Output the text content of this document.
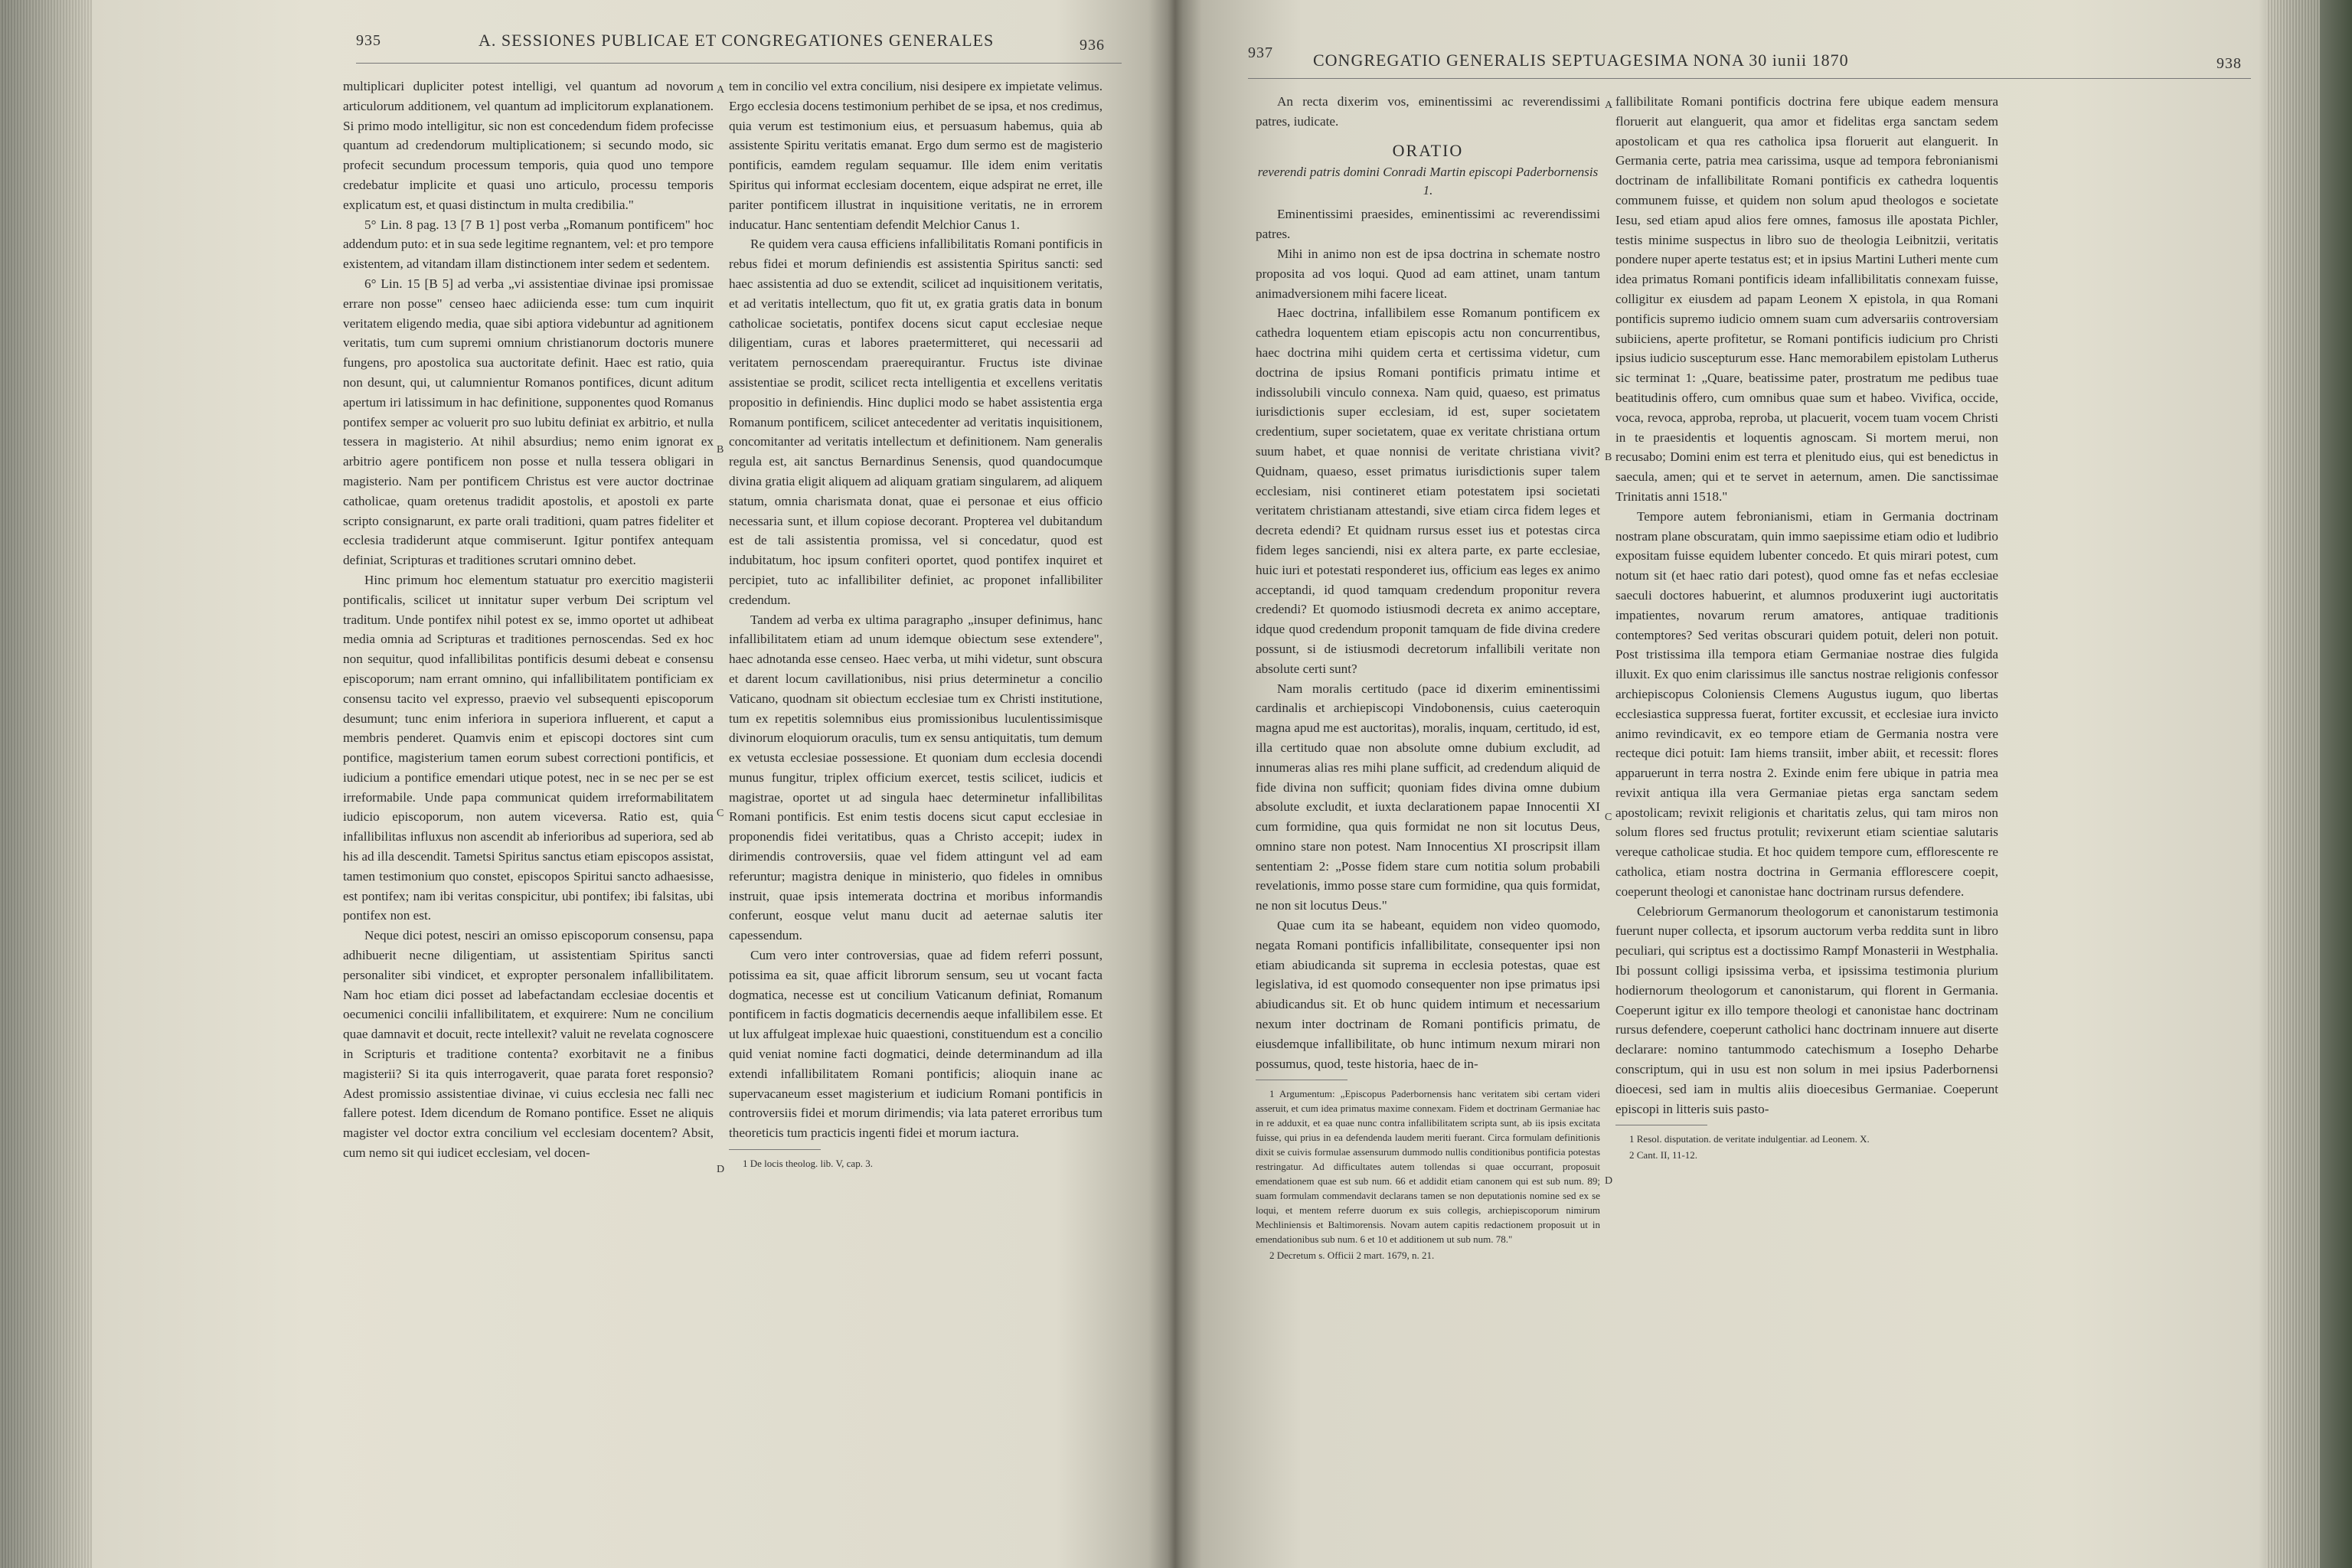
935	A. SESSIONES PUBLICAE ET CONGREGATIONES GENERALES	936

multiplicari dupliciter potest intelligi, vel quantum ad novorum articulorum additionem, vel quantum ad implicitorum explanationem. Si primo modo intelligitur, sic non est concedendum fidem profecisse quantum ad credendorum multiplicationem; si secundo modo, sic profecit secundum processum temporis, quia quod uno tempore credebatur implicite et quasi uno articulo, processu temporis explicatum est, et quasi distinctum in multa credibilia."

5° Lin. 8 pag. 13 [7 B 1] post verba „Romanum pontificem" hoc addendum puto: et in sua sede legitime regnantem, vel: et pro tempore existentem, ad vitandam illam distinctionem inter sedem et sedentem.

6° Lin. 15 [B 5] ad verba „vi assistentiae divinae ipsi promissae errare non posse" censeo haec adiicienda esse: tum cum inquirit veritatem eligendo media, quae sibi aptiora videbuntur ad agnitionem veritatis, tum cum supremi omnium christianorum doctoris munere fungens, pro apostolica sua auctoritate definit. Haec est ratio, quia non desunt, qui, ut calumnientur Romanos pontifices, dicunt aditum apertum iri latissimum in hac definitione, supponentes quod Romanus pontifex semper ac voluerit pro suo lubitu definiat ex arbitrio, et nulla tessera in magisterio. At nihil absurdius; nemo enim ignorat ex arbitrio agere pontificem non posse et nulla tessera obligari in magisterio. Nam per pontificem Christus est vere auctor doctrinae catholicae, quam oretenus tradidit apostolis, et apostoli ex parte scripto consignarunt, ex parte orali traditioni, quam patres fideliter et ecclesia tradiderunt atque commiserunt. Igitur pontifex antequam definiat, Scripturas et traditiones scrutari omnino debet.

Hinc primum hoc elementum statuatur pro exercitio magisterii pontificalis, scilicet ut innitatur super verbum Dei scriptum vel traditum. Unde pontifex nihil potest ex se, immo oportet ut adhibeat media omnia ad Scripturas et traditiones pernoscendas. Sed ex hoc non sequitur, quod infallibilitas pontificis desumi debeat e consensu episcoporum; nam errant omnino, qui infallibilitatem pontificiam ex consensu tacito vel expresso, praevio vel subsequenti episcoporum desumunt; tunc enim inferiora in superiora influerent, et caput a membris penderet. Quamvis enim et episcopi doctores sint cum pontifice, magisterium tamen eorum subest correctioni pontificis, et iudicium a pontifice emendari utique potest, nec in se nec per se est irreformabile. Unde papa communicat quidem irreformabilitatem iudicio episcoporum, non autem viceversa. Ratio est, quia infallibilitas influxus non ascendit ab inferioribus ad superiora, sed ab his ad illa descendit. Tametsi Spiritus sanctus etiam episcopos assistat, tamen testimonium quo constet, episcopos Spiritui sancto adhaesisse, est pontifex; nam ibi veritas conspicitur, ubi pontifex; ibi falsitas, ubi pontifex non est.

Neque dici potest, nesciri an omisso episcoporum consensu, papa adhibuerit necne diligentiam, ut assistentiam Spiritus sancti personaliter sibi vindicet, et expropter personalem infallibilitatem. Nam hoc etiam dici posset ad labefactandam ecclesiae docentis et oecumenici concilii infallibilitatem, et exquirere: Num ne concilium quae damnavit et docuit, recte intellexit? valuit ne revelata cognoscere in Scripturis et traditione contenta? exorbitavit ne a finibus magisterii? Si ita quis interrogaverit, quae parata foret responsio? Adest promissio assistentiae divinae, vi cuius ecclesia nec falli nec fallere potest. Idem dicendum de Romano pontifice. Esset ne aliquis magister vel doctor extra concilium vel ecclesiam docentem? Absit, cum nemo sit qui iudicet ecclesiam, vel docen-

tem in concilio vel extra concilium, nisi desipere ex impietate velimus. Ergo ecclesia docens testimonium perhibet de se ipsa, et nos credimus, quia verum est testimonium eius, et persuasum habemus, quia ab assistente Spiritu veritatis emanat. Ergo dum sermo est de magisterio pontificis, eamdem regulam sequamur. Ille idem enim veritatis Spiritus qui informat ecclesiam docentem, eique adspirat ne erret, ille pariter pontificem illustrat in inquisitione veritatis, ne in errorem inducatur. Hanc sententiam defendit Melchior Canus 1.

Re quidem vera causa efficiens infallibilitatis Romani pontificis in rebus fidei et morum definiendis est assistentia Spiritus sancti: sed haec assistentia ad duo se extendit, scilicet ad inquisitionem veritatis, et ad veritatis intellectum, quo fit ut, ex gratia gratis data in bonum catholicae societatis, pontifex docens sicut caput ecclesiae neque diligentiam, curas et labores praetermitteret, qui necessarii ad veritatem pernoscendam praerequirantur. Fructus iste divinae assistentiae se prodit, scilicet recta intelligentia et excellens veritatis propositio in definiendis. Hinc duplici modo se habet assistentia erga Romanum pontificem, scilicet antecedenter ad veritatis inquisitionem, concomitanter ad veritatis intellectum et definitionem. Nam generalis regula est, ait sanctus Bernardinus Senensis, quod quandocumque divina gratia eligit aliquem ad aliquam gratiam singularem, ad aliquem statum, omnia charismata donat, quae ei personae et eius officio necessaria sunt, et illum copiose decorant. Propterea vel dubitandum est de tali assistentia promissa, vel si concedatur, quod est indubitatum, hoc ipsum confiteri oportet, quod pontifex inquiret et percipiet, tuto ac infallibiliter definiet, ac proponet infallibiliter credendum.

Tandem ad verba ex ultima paragrapho „insuper definimus, hanc infallibilitatem etiam ad unum idemque obiectum sese extendere", haec adnotanda esse censeo. Haec verba, ut mihi videtur, sunt obscura et darent locum cavillationibus, nisi prius determinetur a concilio Vaticano, quodnam sit obiectum ecclesiae tum ex Christi institutione, tum ex repetitis solemnibus eius promissionibus luculentissimisque divinorum eloquiorum oraculis, tum ex sensu antiquitatis, tum demum ex vetusta ecclesiae possessione. Et quoniam dum ecclesia docendi munus fungitur, triplex officium exercet, testis scilicet, iudicis et magistrae, oportet ut ad singula haec determinetur infallibilitas Romani pontificis. Est enim testis docens sicut caput ecclesiae in proponendis fidei veritatibus, quas a Christo accepit; iudex in dirimendis controversiis, quae vel fidem attingunt vel ad eam referuntur; magistra denique in ministerio, quo fideles in omnibus instruit, quae ipsis intemerata doctrina et moribus informandis conferunt, eosque velut manu ducit ad aeternae salutis iter capessendum.

Cum vero inter controversias, quae ad fidem referri possunt, potissima ea sit, quae afficit librorum sensum, seu ut vocant facta dogmatica, necesse est ut concilium Vaticanum definiat, Romanum pontificem in factis dogmaticis decernendis aeque infallibilem esse. Et ut lux affulgeat implexae huic quaestioni, constituendum est a concilio quid veniat nomine facti dogmatici, deinde determinandum ad illa extendi infallibilitatem Romani pontificis; alioquin inane ac supervacaneum esset magisterium et iudicium Romani pontificis in controversiis fidei et morum dirimendis; via lata pateret erroribus tum theoreticis tum practicis ingenti fidei et morum iactura.

1 De locis theolog. lib. V, cap. 3.

A
B
C
D
937 CONGREGATIO GENERALIS SEPTUAGESIMA NONA 30 iunii 1870	938

An recta dixerim vos, eminentissimi ac reverendissimi patres, iudicate.

ORATIO
reverendi patris domini Conradi Martin episcopi Paderbornensis 1.

Eminentissimi praesides, eminentissimi ac reverendissimi patres.

Mihi in animo non est de ipsa doctrina in schemate nostro proposita ad vos loqui. Quod ad eam attinet, unam tantum animadversionem mihi facere liceat.

Haec doctrina, infallibilem esse Romanum pontificem ex cathedra loquentem etiam episcopis actu non concurrentibus, haec doctrina mihi quidem certa et certissima videtur, cum doctrina de ipsius Romani pontificis primatu intime et indissolubili vinculo connexa. Nam quid, quaeso, est primatus iurisdictionis super ecclesiam, id est, super societatem credentium, super societatem, quae ex veritate christiana ortum suum habet, et quae nonnisi de veritate christiana vivit? Quidnam, quaeso, esset primatus iurisdictionis super talem ecclesiam, nisi contineret etiam potestatem ipsi societati veritatem christianam attestandi, sive etiam circa fidem leges et decreta edendi? Et quidnam rursus esset ius et potestas circa fidem leges sanciendi, nisi ex altera parte, ex parte ecclesiae, huic iuri et potestati responderet ius, officium eas leges ex animo acceptandi, id quod tamquam credendum proponitur revera credendi? Et quomodo istiusmodi decreta ex animo acceptare, idque quod credendum proponit tamquam de fide divina credere possunt, si de istiusmodi decretorum infallibili veritate non absolute certi sunt?

Nam moralis certitudo (pace id dixerim eminentissimi cardinalis et archiepiscopi Vindobonensis, cuius caeteroquin magna apud me est auctoritas), moralis, inquam, certitudo, id est, illa certitudo quae non absolute omne dubium excludit, ad innumeras alias res mihi plane sufficit, ad credendum aliquid de fide divina non sufficit; quoniam fides divina omne dubium absolute excludit, et iuxta declarationem papae Innocentii XI cum formidine, qua quis formidat ne non sit locutus Deus, omnino stare non potest. Nam Innocentius XI proscripsit illam sententiam 2: „Posse fidem stare cum notitia solum probabili revelationis, immo posse stare cum formidine, qua quis formidat, ne non sit locutus Deus."

Quae cum ita se habeant, equidem non video quomodo, negata Romani pontificis infallibilitate, consequenter ipsi non etiam abiudicanda sit suprema in ecclesia potestas, quae est legislativa, id est quomodo consequenter non ipse primatus ipsi abiudicandus sit. Et ob hunc quidem intimum et necessarium nexum inter doctrinam de Romani pontificis primatu, de eiusdemque infallibilitate, ob hunc intimum nexum mirari non possumus, quod, teste historia, haec de in-

1 Argumentum: „Episcopus Paderbornensis hanc veritatem sibi certam videri asseruit, et cum idea primatus maxime connexam. Fidem et doctrinam Germaniae hac in re adduxit, et ea quae nunc contra infallibilitatem scripta sunt, ab iis ipsis excitata fuisse, qui prius in ea defendenda laudem meriti fuerant. Circa formulam definitionis dixit se cuivis formulae assensurum dummodo nullis conditionibus pontificia potestas restringatur. Ad difficultates autem tollendas si quae occurrant, proposuit emendationem quae est sub num. 66 et addidit etiam canonem qui est sub num. 89; suam formulam commendavit declarans tamen se non deputationis nomine sed ex se loqui, et mentem referre duorum ex suis collegis, archiepiscoporum nimirum Mechliniensis et Baltimorensis. Novam autem capitis redactionem proposuit ut in emendationibus sub num. 6 et 10 et additionem ut sub num. 78."

2 Decretum s. Officii 2 mart. 1679, n. 21.

fallibilitate Romani pontificis doctrina fere ubique eadem mensura floruerit aut elanguerit, qua amor et fidelitas erga sanctam sedem apostolicam et qua res catholica ipsa floruerit aut elanguerit. In Germania certe, patria mea carissima, usque ad tempora febronianismi doctrinam de infallibilitate Romani pontificis ex cathedra loquentis communem fuisse, et quidem non solum apud theologos e societate Iesu, sed etiam apud alios fere omnes, famosus ille apostata Pichler, testis minime suspectus in libro suo de theologia Leibnitzii, veritatis pondere nuper aperte testatus est; et in ipsius Martini Lutheri mente cum idea primatus Romani pontificis ideam infallibilitatis connexam fuisse, colligitur ex eiusdem ad papam Leonem X epistola, in qua Romani pontificis supremo iudicio omnem suam cum adversariis controversiam subiiciens, aperte profitetur, se Romani pontificis iudicium pro Christi ipsius iudicio suscepturum esse. Hanc memorabilem epistolam Lutherus sic terminat 1: „Quare, beatissime pater, prostratum me pedibus tuae beatitudinis offero, cum omnibus quae sum et habeo. Vivifica, occide, voca, revoca, approba, reproba, ut placuerit, vocem tuam vocem Christi in te praesidentis et loquentis agnoscam. Si mortem merui, non recusabo; Domini enim est terra et plenitudo eius, qui est benedictus in saecula, amen; qui et te servet in aeternum, amen. Die sanctissimae Trinitatis anni 1518."

Tempore autem febronianismi, etiam in Germania doctrinam nostram plane obscuratam, quin immo saepissime etiam odio et ludibrio expositam fuisse equidem lubenter concedo. Et quis mirari potest, cum notum sit (et haec ratio dari potest), quod omne fas et nefas ecclesiae saeculi doctores habuerint, et alumnos produxerint iugi auctoritatis impatientes, novarum rerum amatores, antiquae traditionis contemptores? Sed veritas obscurari quidem potuit, deleri non potuit. Post tristissima illa tempora etiam Germaniae nostrae dies fulgida illuxit. Ex quo enim clarissimus ille sanctus nostrae religionis confessor archiepiscopus Coloniensis Clemens Augustus iugum, quo libertas ecclesiastica suppressa fuerat, fortiter excussit, et ecclesiae iura invicto animo revindicavit, ex eo tempore etiam de Germania nostra vere recteque dici potuit: Iam hiems transiit, imber abiit, et recessit: flores apparuerunt in terra nostra 2. Exinde enim fere ubique in patria mea revixit antiqua illa vera Germaniae pietas erga sanctam sedem apostolicam; revixit religionis et charitatis zelus, qui tam miros non solum flores sed fructus protulit; revixerunt etiam scientiae salutaris vereque catholicae studia. Et hoc quidem tempore cum, efflorescente re catholica, etiam nostra doctrina in Germania efflorescere coepit, coeperunt theologi et canonistae hanc doctrinam rursus defendere.

Celebriorum Germanorum theologorum et canonistarum testimonia fuerunt nuper collecta, et ipsorum auctorum verba reddita sunt in libro peculiari, qui scriptus est a doctissimo Rampf Monasterii in Westphalia. Ibi possunt colligi ipsissima verba, et ipsissima testimonia plurium hodiernorum theologorum et canonistarum, qui florent in Germania. Coeperunt igitur ex illo tempore theologi et canonistae hanc doctrinam rursus defendere, coeperunt catholici hanc doctrinam innuere aut diserte declarare: nomino tantummodo catechismum a Iosepho Deharbe conscriptum, qui in usu est non solum in mei ipsius Paderbornensi dioecesi, sed iam in multis aliis dioecesibus Germaniae. Coeperunt episcopi in litteris suis pasto-

1 Resol. disputation. de veritate indulgentiar. ad Leonem. X.

2 Cant. II, 11-12.

A
B
C
D
